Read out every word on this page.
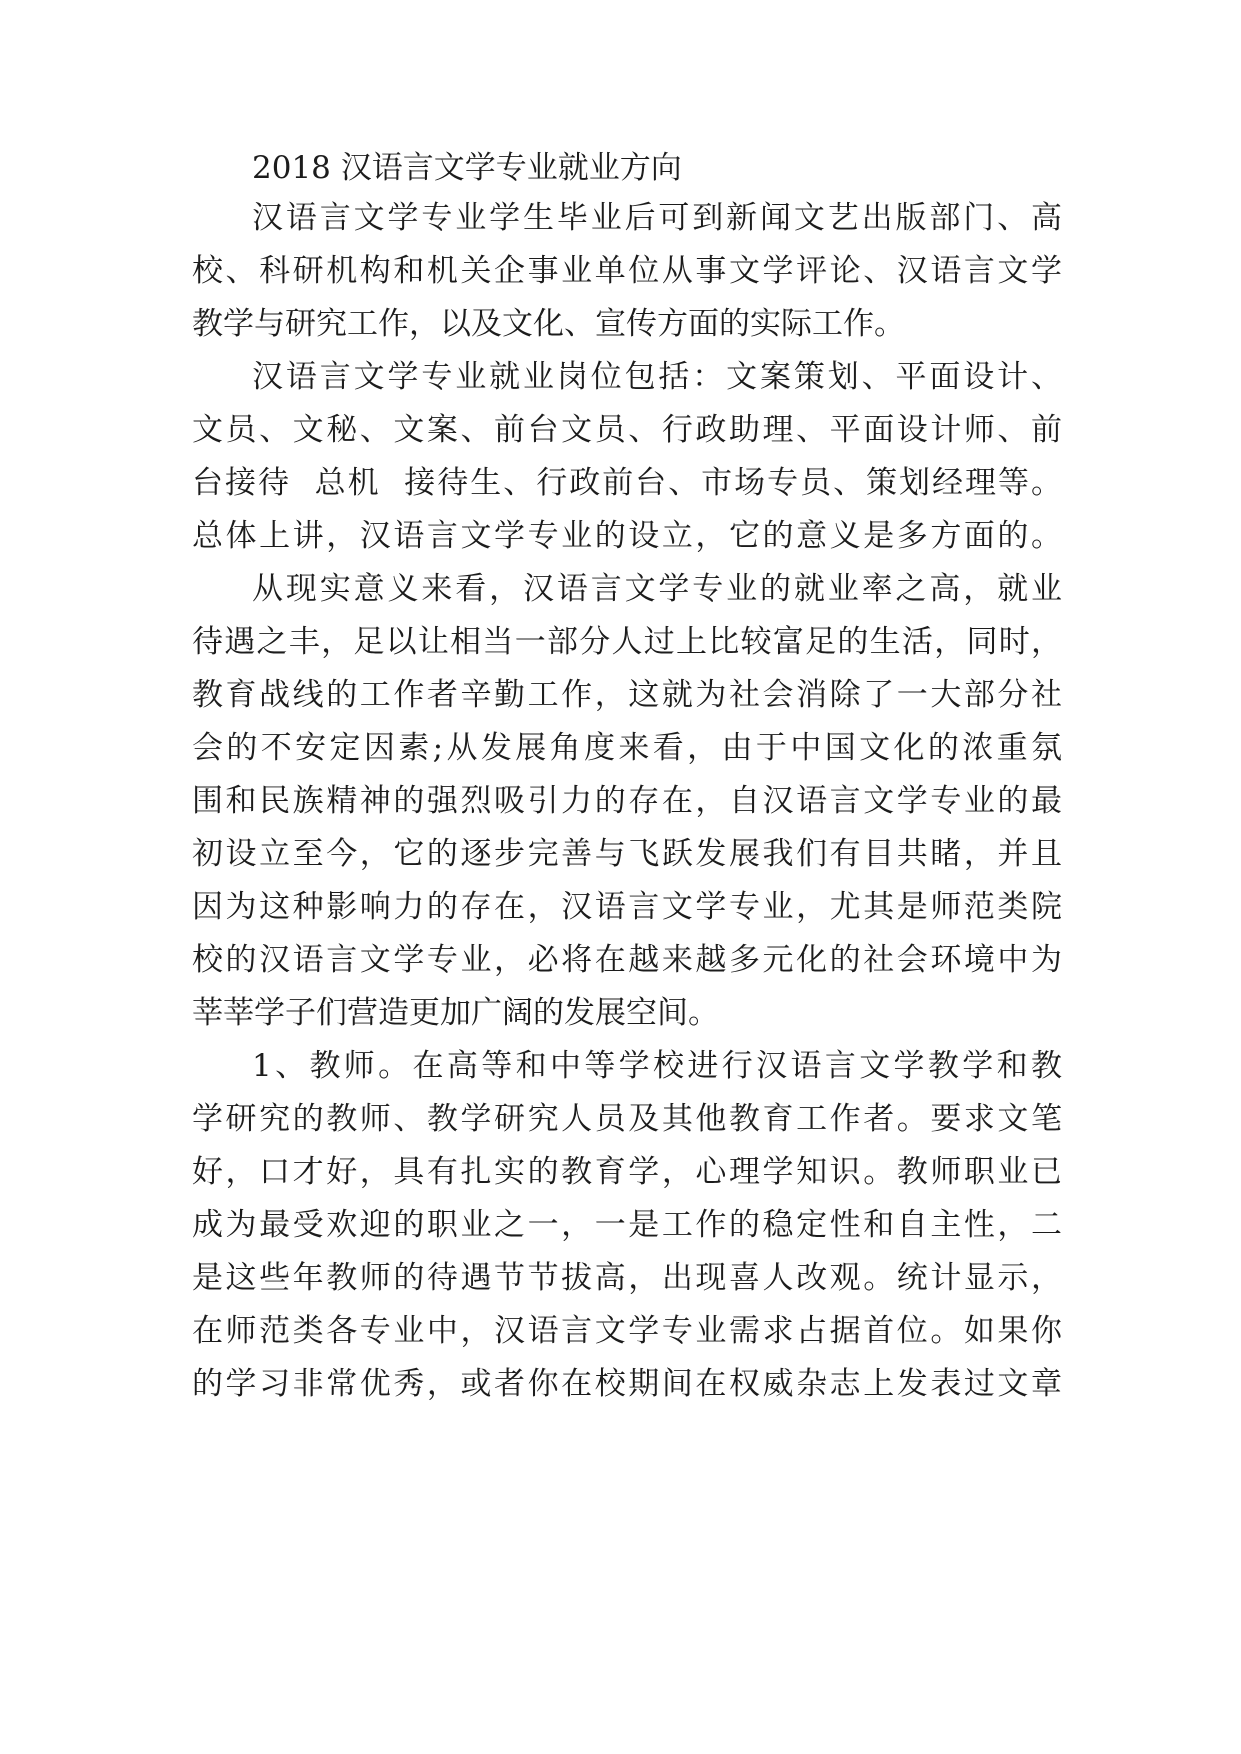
2018 汉语言文学专业就业方向

汉语言文学专业学生毕业后可到新闻文艺出版部门、高

校、科研机构和机关企事业单位从事文学评论、汉语言文学

教学与研究工作，以及文化、宣传方面的实际工作。

汉语言文学专业就业岗位包括：文案策划、平面设计、

文员、文秘、文案、前台文员、行政助理、平面设计师、前

台接待  总机  接待生、行政前台、市场专员、策划经理等。

总体上讲，汉语言文学专业的设立，它的意义是多方面的。

从现实意义来看，汉语言文学专业的就业率之高，就业

待遇之丰，足以让相当一部分人过上比较富足的生活，同时，

教育战线的工作者辛勤工作，这就为社会消除了一大部分社

会的不安定因素;从发展角度来看，由于中国文化的浓重氛

围和民族精神的强烈吸引力的存在，自汉语言文学专业的最

初设立至今，它的逐步完善与飞跃发展我们有目共睹，并且

因为这种影响力的存在，汉语言文学专业，尤其是师范类院

校的汉语言文学专业，必将在越来越多元化的社会环境中为

莘莘学子们营造更加广阔的发展空间。

1、教师。在高等和中等学校进行汉语言文学教学和教

学研究的教师、教学研究人员及其他教育工作者。要求文笔

好，口才好，具有扎实的教育学，心理学知识。教师职业已

成为最受欢迎的职业之一，一是工作的稳定性和自主性，二

是这些年教师的待遇节节拔高，出现喜人改观。统计显示，

在师范类各专业中，汉语言文学专业需求占据首位。如果你

的学习非常优秀，或者你在校期间在权威杂志上发表过文章
